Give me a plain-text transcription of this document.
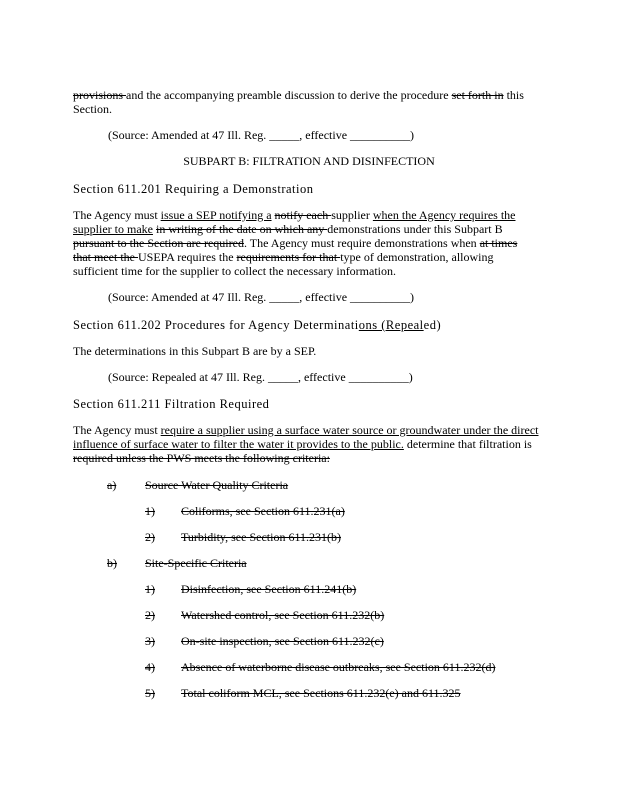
provisions and the accompanying preamble discussion to derive the procedure set forth in this
Section.
(Source: Amended at 47 Ill. Reg. _____, effective __________)
SUBPART B: FILTRATION AND DISINFECTION
Section 611.201 Requiring a Demonstration
The Agency must issue a SEP notifying a notify each supplier when the Agency requires the
supplier to make in writing of the date on which any demonstrations under this Subpart B
pursuant to the Section are required. The Agency must require demonstrations when at times
that meet the USEPA requires the requirements for that type of demonstration, allowing
sufficient time for the supplier to collect the necessary information.
(Source: Amended at 47 Ill. Reg. _____, effective __________)
Section 611.202 Procedures for Agency Determinations (Repealed)
The determinations in this Subpart B are by a SEP.
(Source: Repealed at 47 Ill. Reg. _____, effective __________)
Section 611.211 Filtration Required
The Agency must require a supplier using a surface water source or groundwater under the direct
influence of surface water to filter the water it provides to the public. determine that filtration is
required unless the PWS meets the following criteria:
a) Source Water Quality Criteria
1) Coliforms, see Section 611.231(a)
2) Turbidity, see Section 611.231(b)
b) Site-Specific Criteria
1) Disinfection, see Section 611.241(b)
2) Watershed control, see Section 611.232(b)
3) On-site inspection, see Section 611.232(c)
4) Absence of waterborne disease outbreaks, see Section 611.232(d)
5) Total coliform MCL, see Sections 611.232(e) and 611.325
